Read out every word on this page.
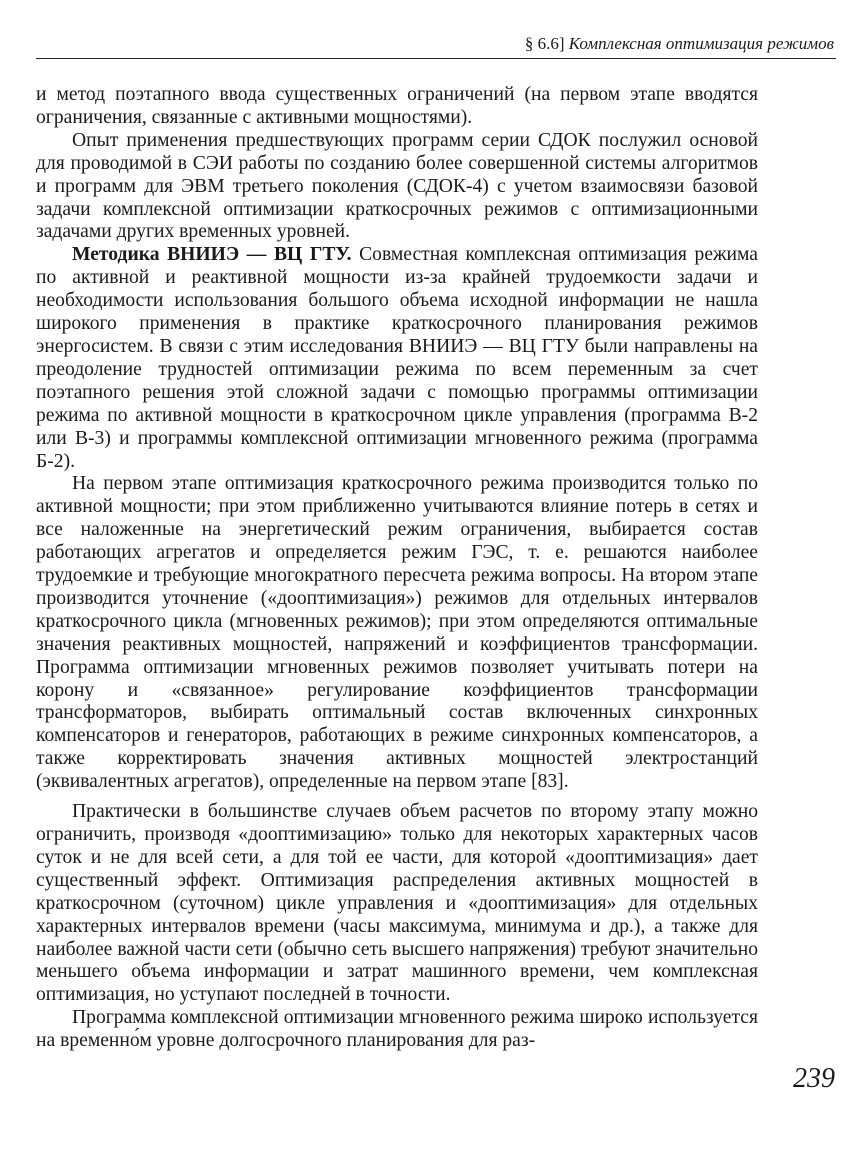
§ 6.6] Комплексная оптимизация режимов

и метод поэтапного ввода существенных ограничений (на первом этапе вводятся ограничения, связанные с активными мощностями).

Опыт применения предшествующих программ серии СДОК послужил основой для проводимой в СЭИ работы по созданию более совершенной системы алгоритмов и программ для ЭВМ третьего поколения (СДОК-4) с учетом взаимосвязи базовой задачи комплексной оптимизации краткосрочных режимов с оптимизационными задачами других временных уровней.

Методика ВНИИЭ — ВЦ ГТУ. Совместная комплексная оптимизация режима по активной и реактивной мощности из-за крайней трудоемкости задачи и необходимости использования большого объема исходной информации не нашла широкого применения в практике краткосрочного планирования режимов энергосистем. В связи с этим исследования ВНИИЭ — ВЦ ГТУ были направлены на преодоление трудностей оптимизации режима по всем переменным за счет поэтапного решения этой сложной задачи с помощью программы оптимизации режима по активной мощности в краткосрочном цикле управления (программа В-2 или В-3) и программы комплексной оптимизации мгновенного режима (программа Б-2).

На первом этапе оптимизация краткосрочного режима производится только по активной мощности; при этом приближенно учитываются влияние потерь в сетях и все наложенные на энергетический режим ограничения, выбирается состав работающих агрегатов и определяется режим ГЭС, т. е. решаются наиболее трудоемкие и требующие многократного пересчета режима вопросы. На втором этапе производится уточнение («дооптимизация») режимов для отдельных интервалов краткосрочного цикла (мгновенных режимов); при этом определяются оптимальные значения реактивных мощностей, напряжений и коэффициентов трансформации. Программа оптимизации мгновенных режимов позволяет учитывать потери на корону и «связанное» регулирование коэффициентов трансформации трансформаторов, выбирать оптимальный состав включенных синхронных компенсаторов и генераторов, работающих в режиме синхронных компенсаторов, а также корректировать значения активных мощностей электростанций (эквивалентных агрегатов), определенные на первом этапе [83].

Практически в большинстве случаев объем расчетов по второму этапу можно ограничить, производя «дооптимизацию» только для некоторых характерных часов суток и не для всей сети, а для той ее части, для которой «дооптимизация» дает существенный эффект. Оптимизация распределения активных мощностей в краткосрочном (суточном) цикле управления и «дооптимизация» для отдельных характерных интервалов времени (часы максимума, минимума и др.), а также для наиболее важной части сети (обычно сеть высшего напряжения) требуют значительно меньшего объема информации и затрат машинного времени, чем комплексная оптимизация, но уступают последней в точности.

Программа комплексной оптимизации мгновенного режима широко используется на временно́м уровне долгосрочного планирования для раз-

239
